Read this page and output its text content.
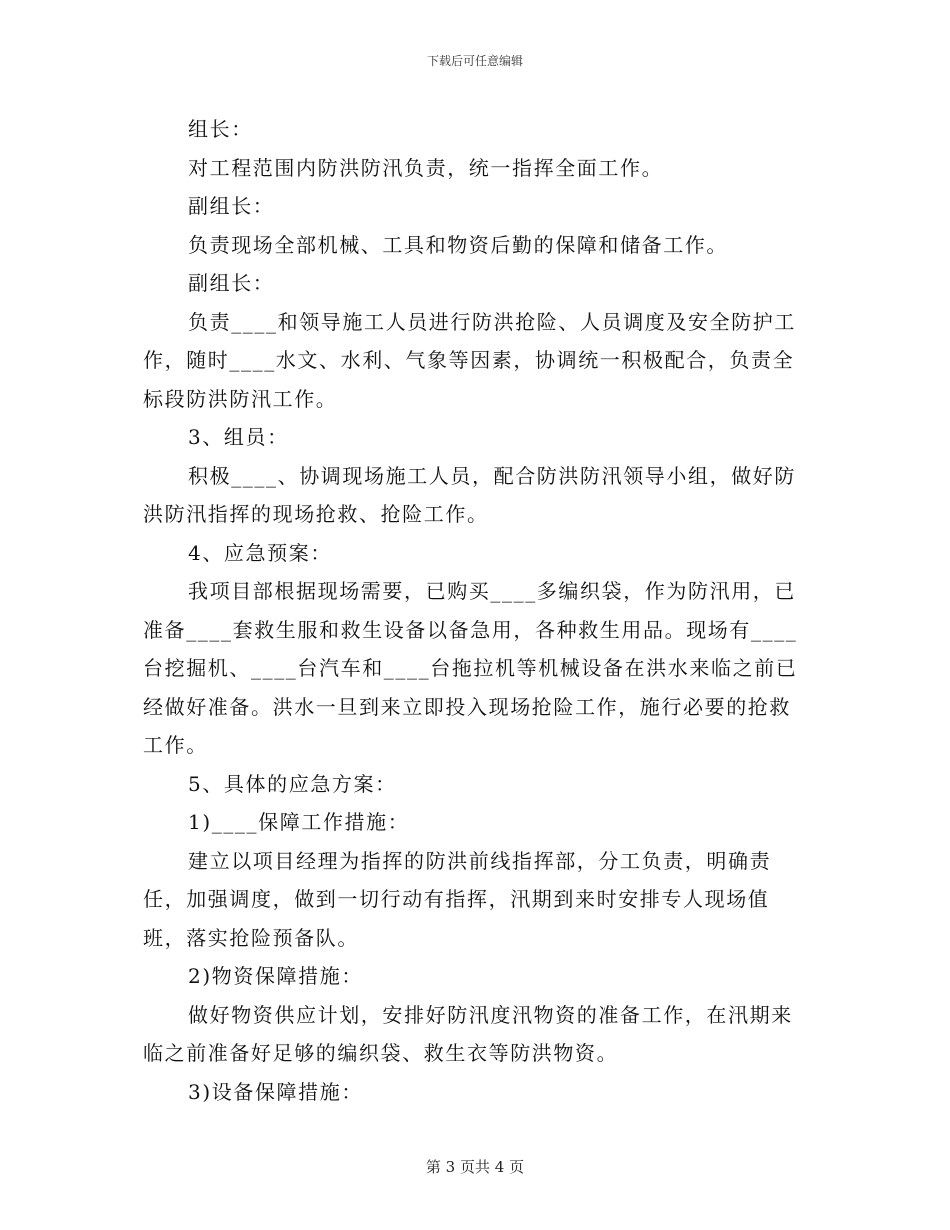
下载后可任意编辑

组长：

对工程范围内防洪防汛负责，统一指挥全面工作。

副组长：

负责现场全部机械、工具和物资后勤的保障和储备工作。

副组长：

负责____和领导施工人员进行防洪抢险、人员调度及安全防护工作，随时____水文、水利、气象等因素，协调统一积极配合，负责全标段防洪防汛工作。

3、组员：

积极____、协调现场施工人员，配合防洪防汛领导小组，做好防洪防汛指挥的现场抢救、抢险工作。

4、应急预案：

我项目部根据现场需要，已购买____多编织袋，作为防汛用，已准备____套救生服和救生设备以备急用，各种救生用品。现场有____台挖掘机、____台汽车和____台拖拉机等机械设备在洪水来临之前已经做好准备。洪水一旦到来立即投入现场抢险工作，施行必要的抢救工作。

5、具体的应急方案：

1)____保障工作措施：

建立以项目经理为指挥的防洪前线指挥部，分工负责，明确责任，加强调度，做到一切行动有指挥，汛期到来时安排专人现场值班，落实抢险预备队。

2)物资保障措施：

做好物资供应计划，安排好防汛度汛物资的准备工作，在汛期来临之前准备好足够的编织袋、救生衣等防洪物资。

3)设备保障措施：

第 3 页共 4 页
